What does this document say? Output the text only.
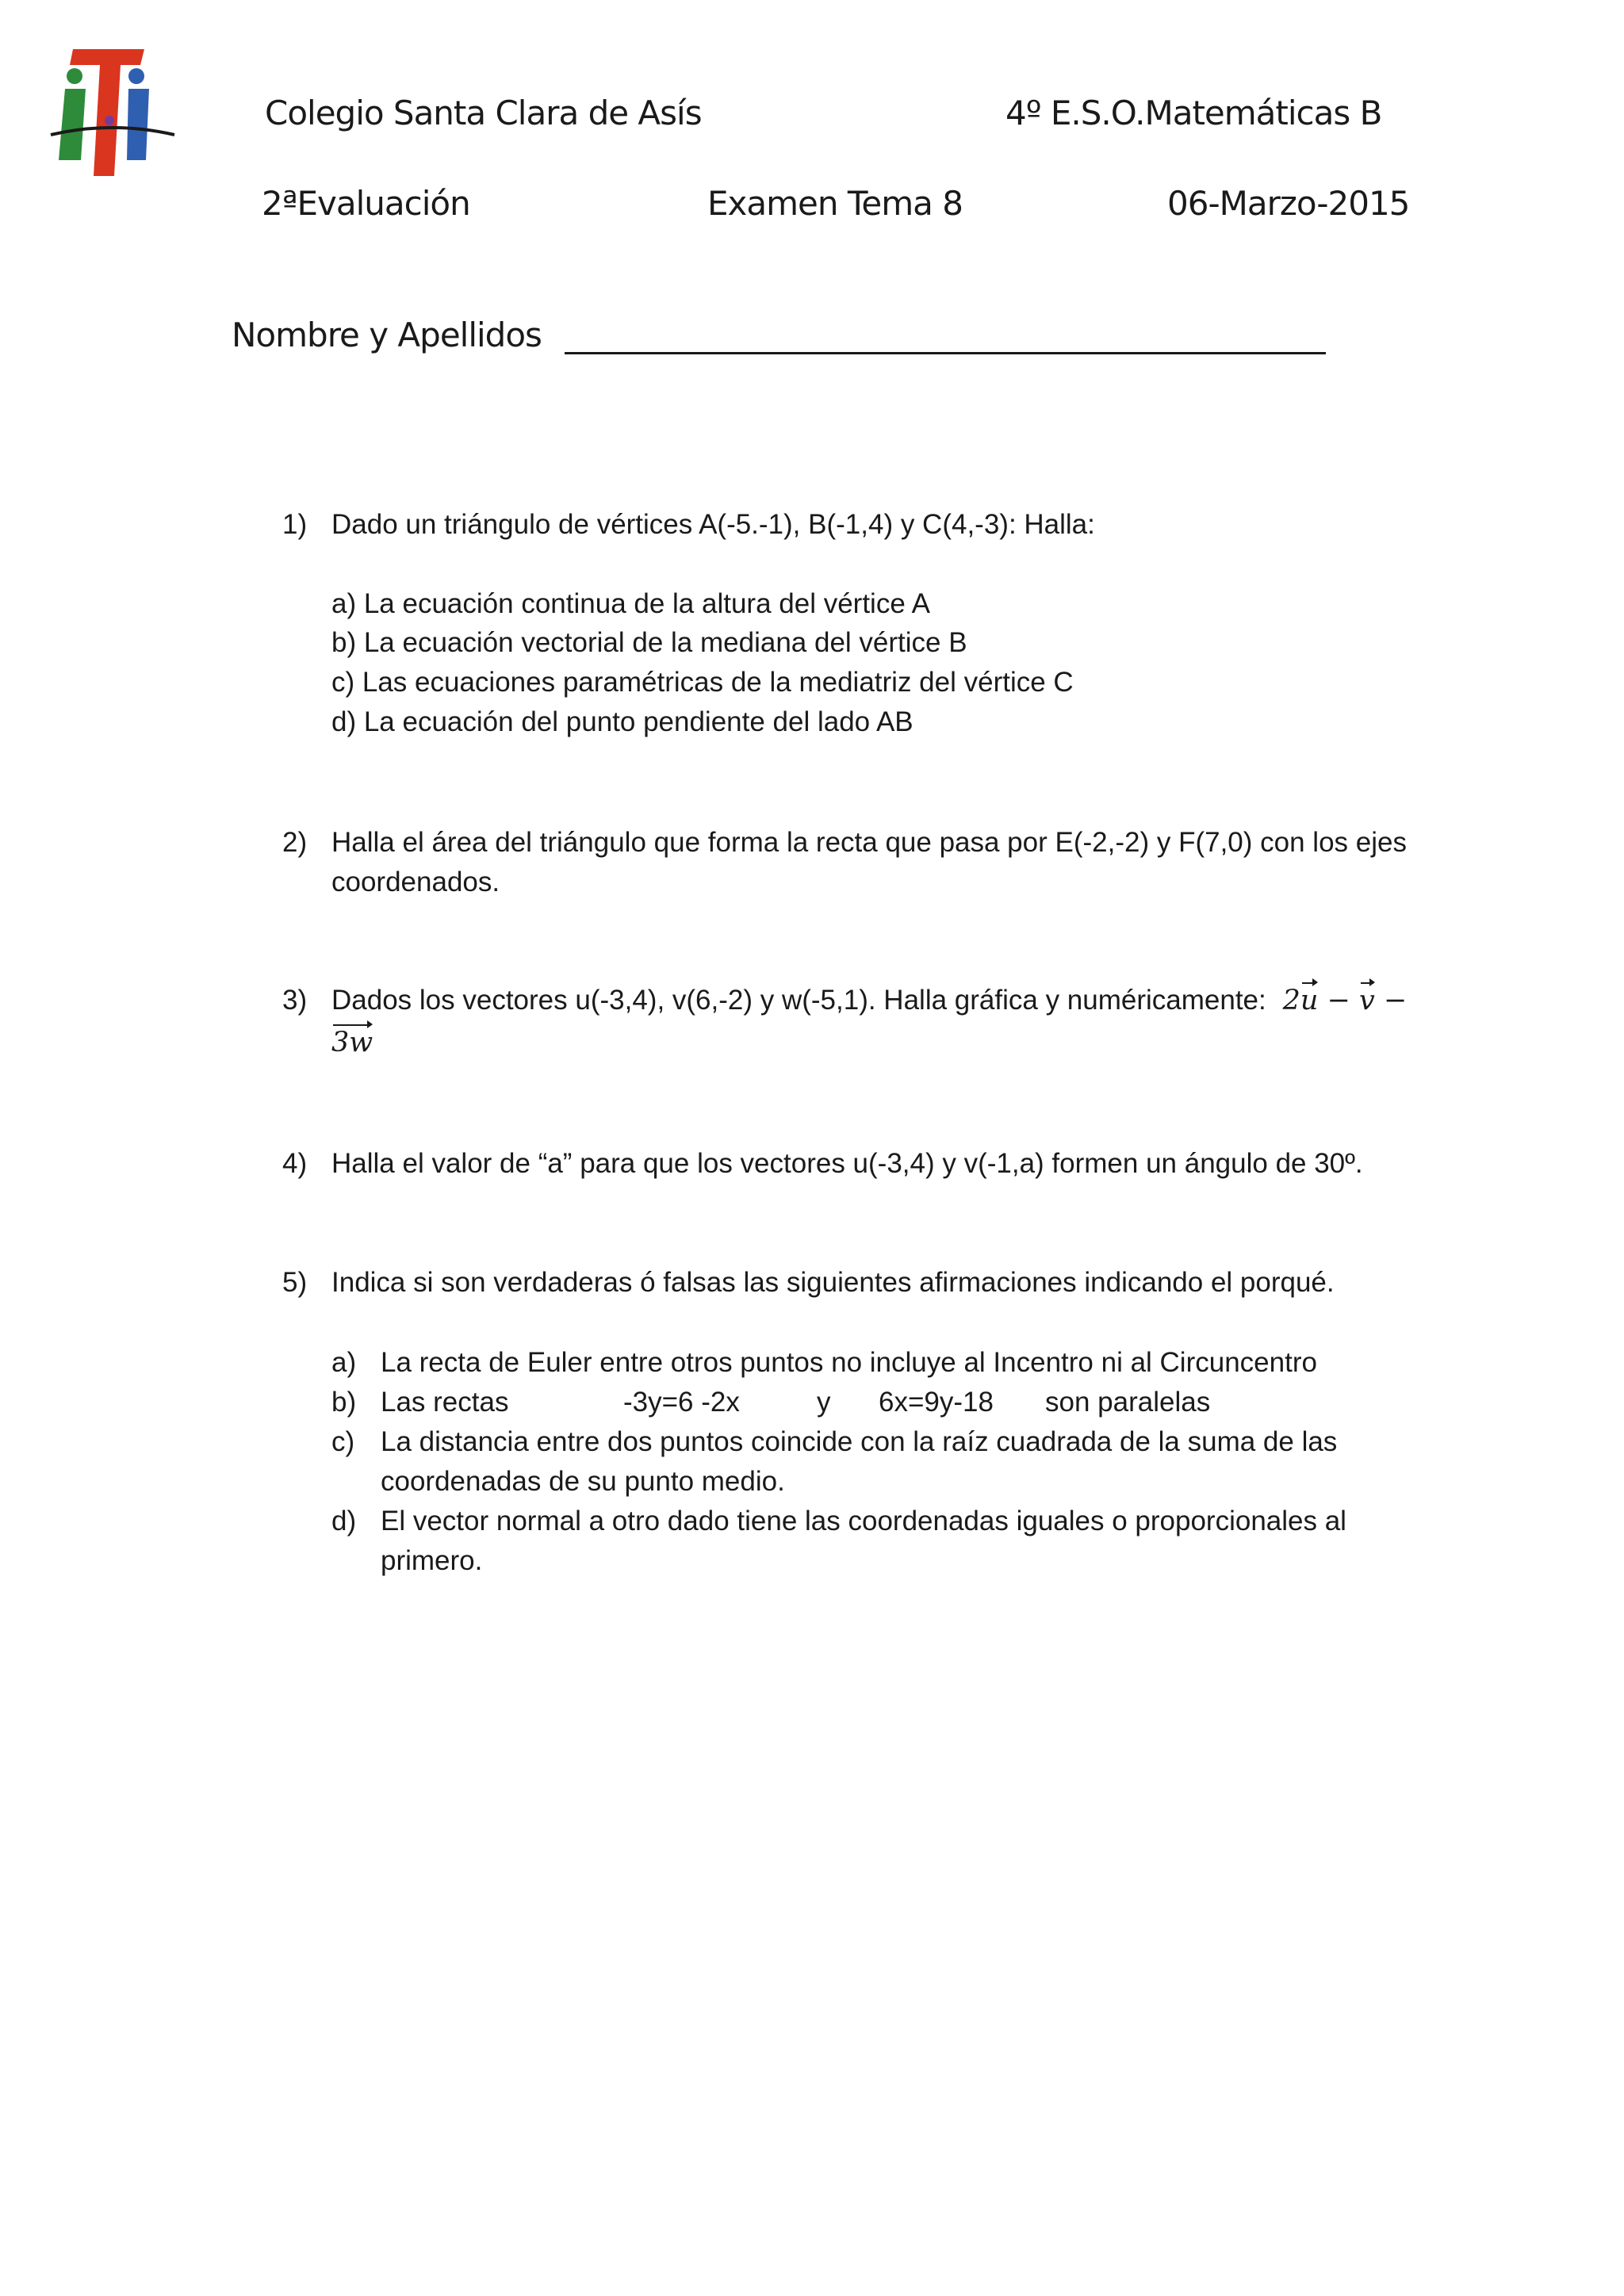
Colegio Santa Clara de Asís	4º E.S.O.Matemáticas B
2ªEvaluación	Examen Tema 8	06-Marzo-2015
Nombre y Apellidos
1) Dado un triángulo de vértices A(-5.-1), B(-1,4) y C(4,-3): Halla:
a) La ecuación continua de la altura del vértice A
b) La ecuación vectorial de la mediana del vértice B
c) Las ecuaciones paramétricas de la mediatriz del vértice C
d) La ecuación del punto pendiente del lado AB
2) Halla el área del triángulo que forma la recta que pasa por E(-2,-2) y F(7,0) con los ejes
coordenados.
3) Dados los vectores u(-3,4), v(6,-2) y w(-5,1). Halla gráfica y numéricamente: 2u − v −
3w
4) Halla el valor de “a” para que los vectores u(-3,4) y v(-1,a) formen un ángulo de 30º.
5) Indica si son verdaderas ó falsas las siguientes afirmaciones indicando el porqué.
a) La recta de Euler entre otros puntos no incluye al Incentro ni al Circuncentro
b) Las rectas	-3y=6 -2x	y 6x=9y-18 son paralelas
c) La distancia entre dos puntos coincide con la raíz cuadrada de la suma de las
coordenadas de su punto medio.
d) El vector normal a otro dado tiene las coordenadas iguales o proporcionales al
primero.
